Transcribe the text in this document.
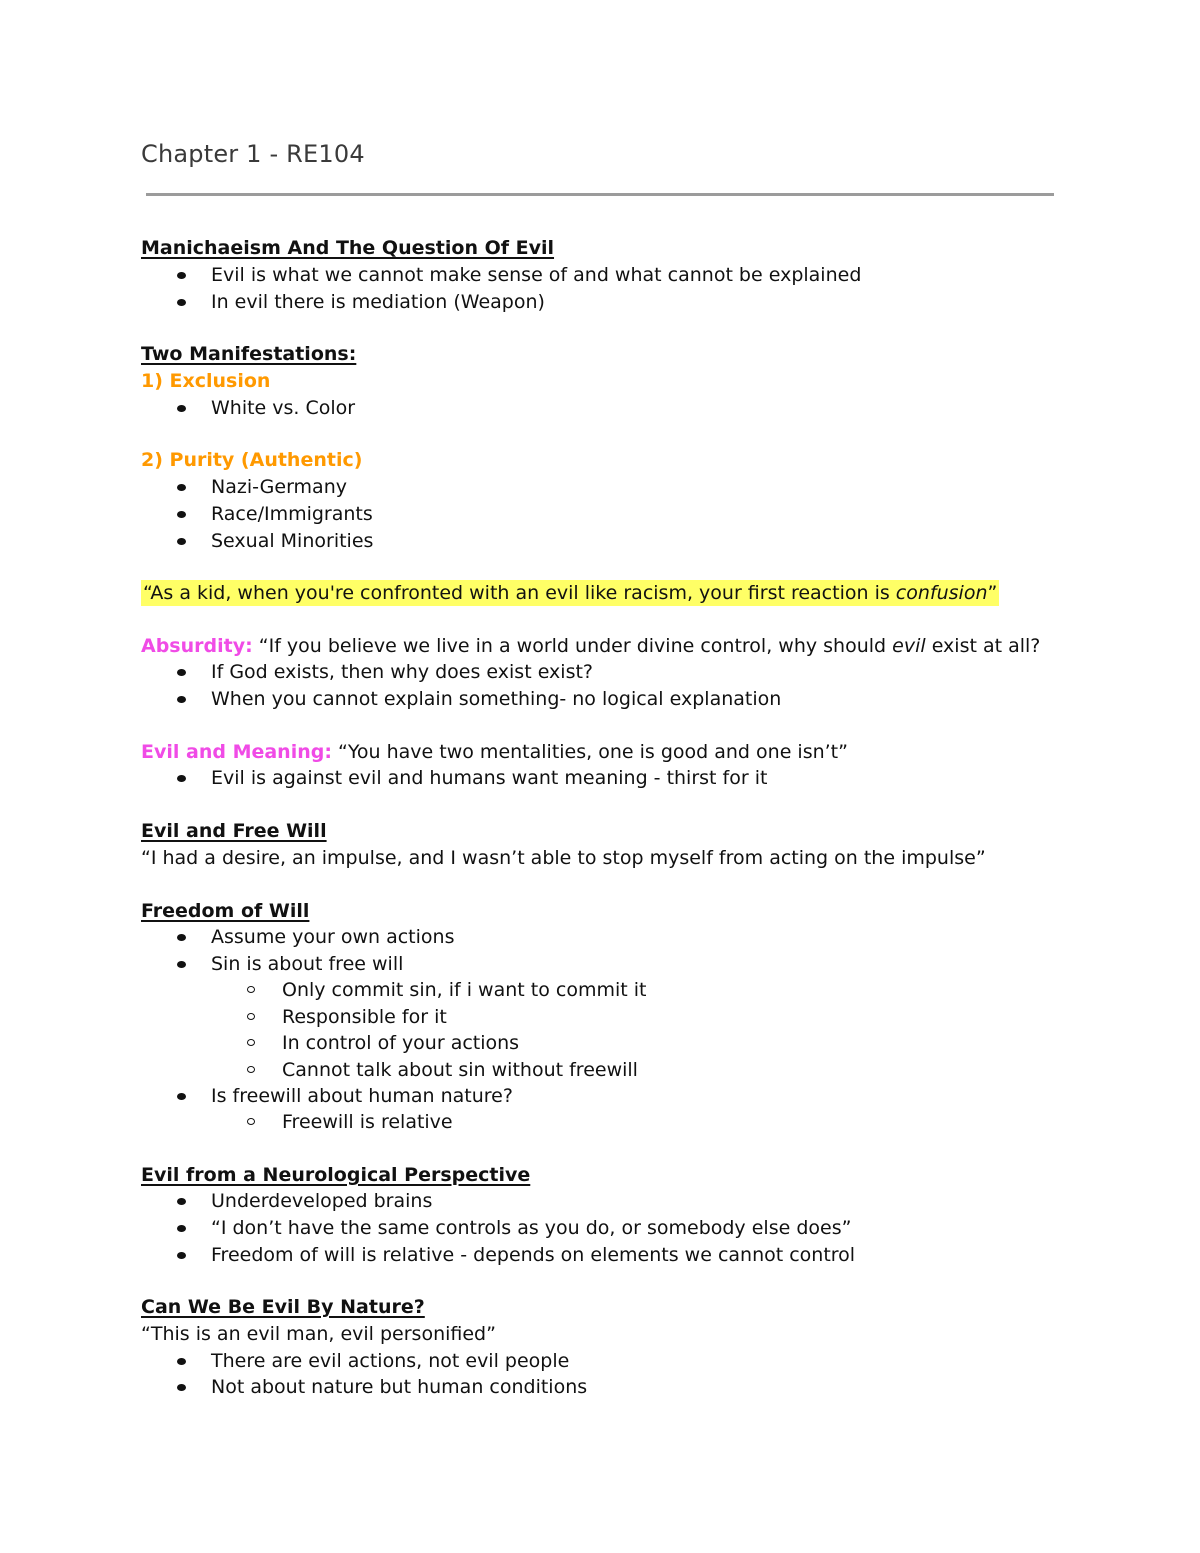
Chapter 1 - RE104
Manichaeism And The Question Of Evil
Evil is what we cannot make sense of and what cannot be explained
In evil there is mediation (Weapon)
Two Manifestations:
1) Exclusion
White vs. Color
2) Purity (Authentic)
Nazi-Germany
Race/Immigrants
Sexual Minorities
“As a kid, when you're confronted with an evil like racism, your first reaction is confusion”
Absurdity: “If you believe we live in a world under divine control, why should evil exist at all?
If God exists, then why does exist exist?
When you cannot explain something- no logical explanation
Evil and Meaning: “You have two mentalities, one is good and one isn’t”
Evil is against evil and humans want meaning - thirst for it
Evil and Free Will
“I had a desire, an impulse, and I wasn’t able to stop myself from acting on the impulse”
Freedom of Will
Assume your own actions
Sin is about free will
Only commit sin, if i want to commit it
Responsible for it
In control of your actions
Cannot talk about sin without freewill
Is freewill about human nature?
Freewill is relative
Evil from a Neurological Perspective
Underdeveloped brains
“I don’t have the same controls as you do, or somebody else does”
Freedom of will is relative - depends on elements we cannot control
Can We Be Evil By Nature?
“This is an evil man, evil personified”
There are evil actions, not evil people
Not about nature but human conditions
